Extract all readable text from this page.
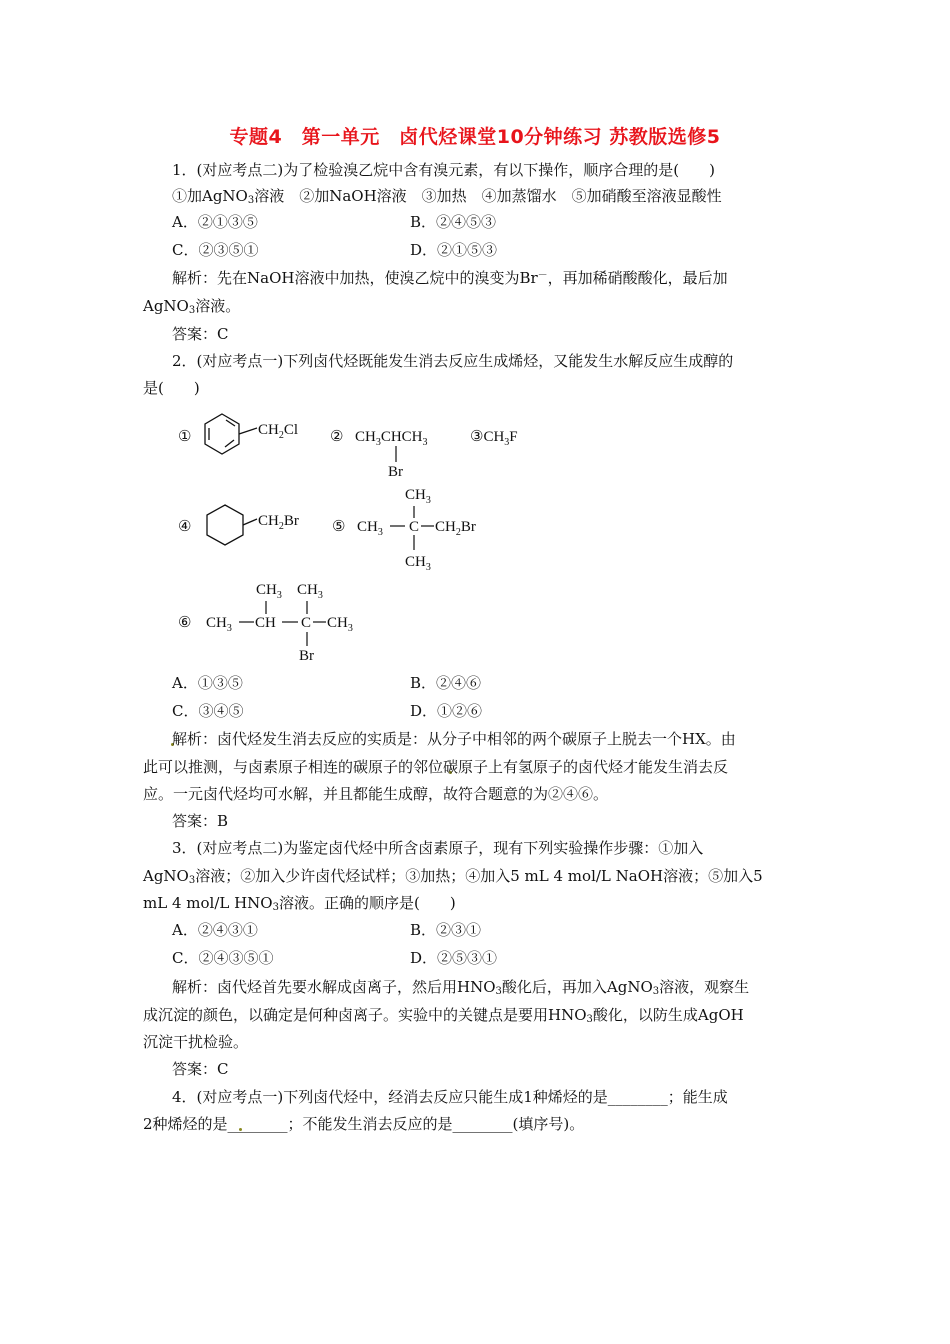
专题4　第一单元　卤代烃课堂10分钟练习 苏教版选修5
1．(对应考点二)为了检验溴乙烷中含有溴元素，有以下操作，顺序合理的是(　　)
①加AgNO$_3$溶液　②加NaOH溶液　③加热　④加蒸馏水　⑤加硝酸至溶液显酸性
A．②①③⑤	B．②④⑤③
C．②③⑤①	D．②①⑤③
解析：先在NaOH溶液中加热，使溴乙烷中的溴变为Br－，再加稀硝酸酸化，最后加
AgNO$_3$溶液。
答案：C
2．(对应考点一)下列卤代烃既能发生消去反应生成烯烃，又能发生水解反应生成醇的
是(　　)
①	$CH_2Cl$ ② $CH_3CHCH_3$
Br
$③CH_3F$
④	$CH_2Br$ ⑤
$CH_3$
$CH_3$ C $CH_2Br$
$CH_3$
⑥
$CH_3$ $CH_3$
$CH_3$ CH C $CH_3$
Br
A．①③⑤	B．②④⑥
C．③④⑤	D．①②⑥
解析：卤代烃发生消去反应的实质是：从分子中相邻的两个碳原子上脱去一个HX。由
此可以推测，与卤素原子相连的碳原子的邻位碳原子上有氢原子的卤代烃才能发生消去反
应。一元卤代烃均可水解，并且都能生成醇，故符合题意的为②④⑥。
答案：B
3．(对应考点二)为鉴定卤代烃中所含卤素原子，现有下列实验操作步骤：①加入
AgNO$_3$溶液；②加入少许卤代烃试样；③加热；④加入5 mL 4 mol/L NaOH溶液；⑤加入5
mL 4 mol/L $HNO_3$溶液。正确的顺序是(　　)
A．②④③①	B．②③①
C．②④③⑤①	D．②⑤③①
解析：卤代烃首先要水解成卤离子，然后用$HNO_3$酸化后，再加入AgNO$_3$溶液，观察生
成沉淀的颜色，以确定是何种卤离子。实验中的关键点是要用$HNO_3$酸化，以防生成AgOH
沉淀干扰检验。
答案：C
4．(对应考点一)下列卤代烃中，经消去反应只能生成1种烯烃的是________；能生成
2种烯烃的是________；不能发生消去反应的是________(填序号)。
